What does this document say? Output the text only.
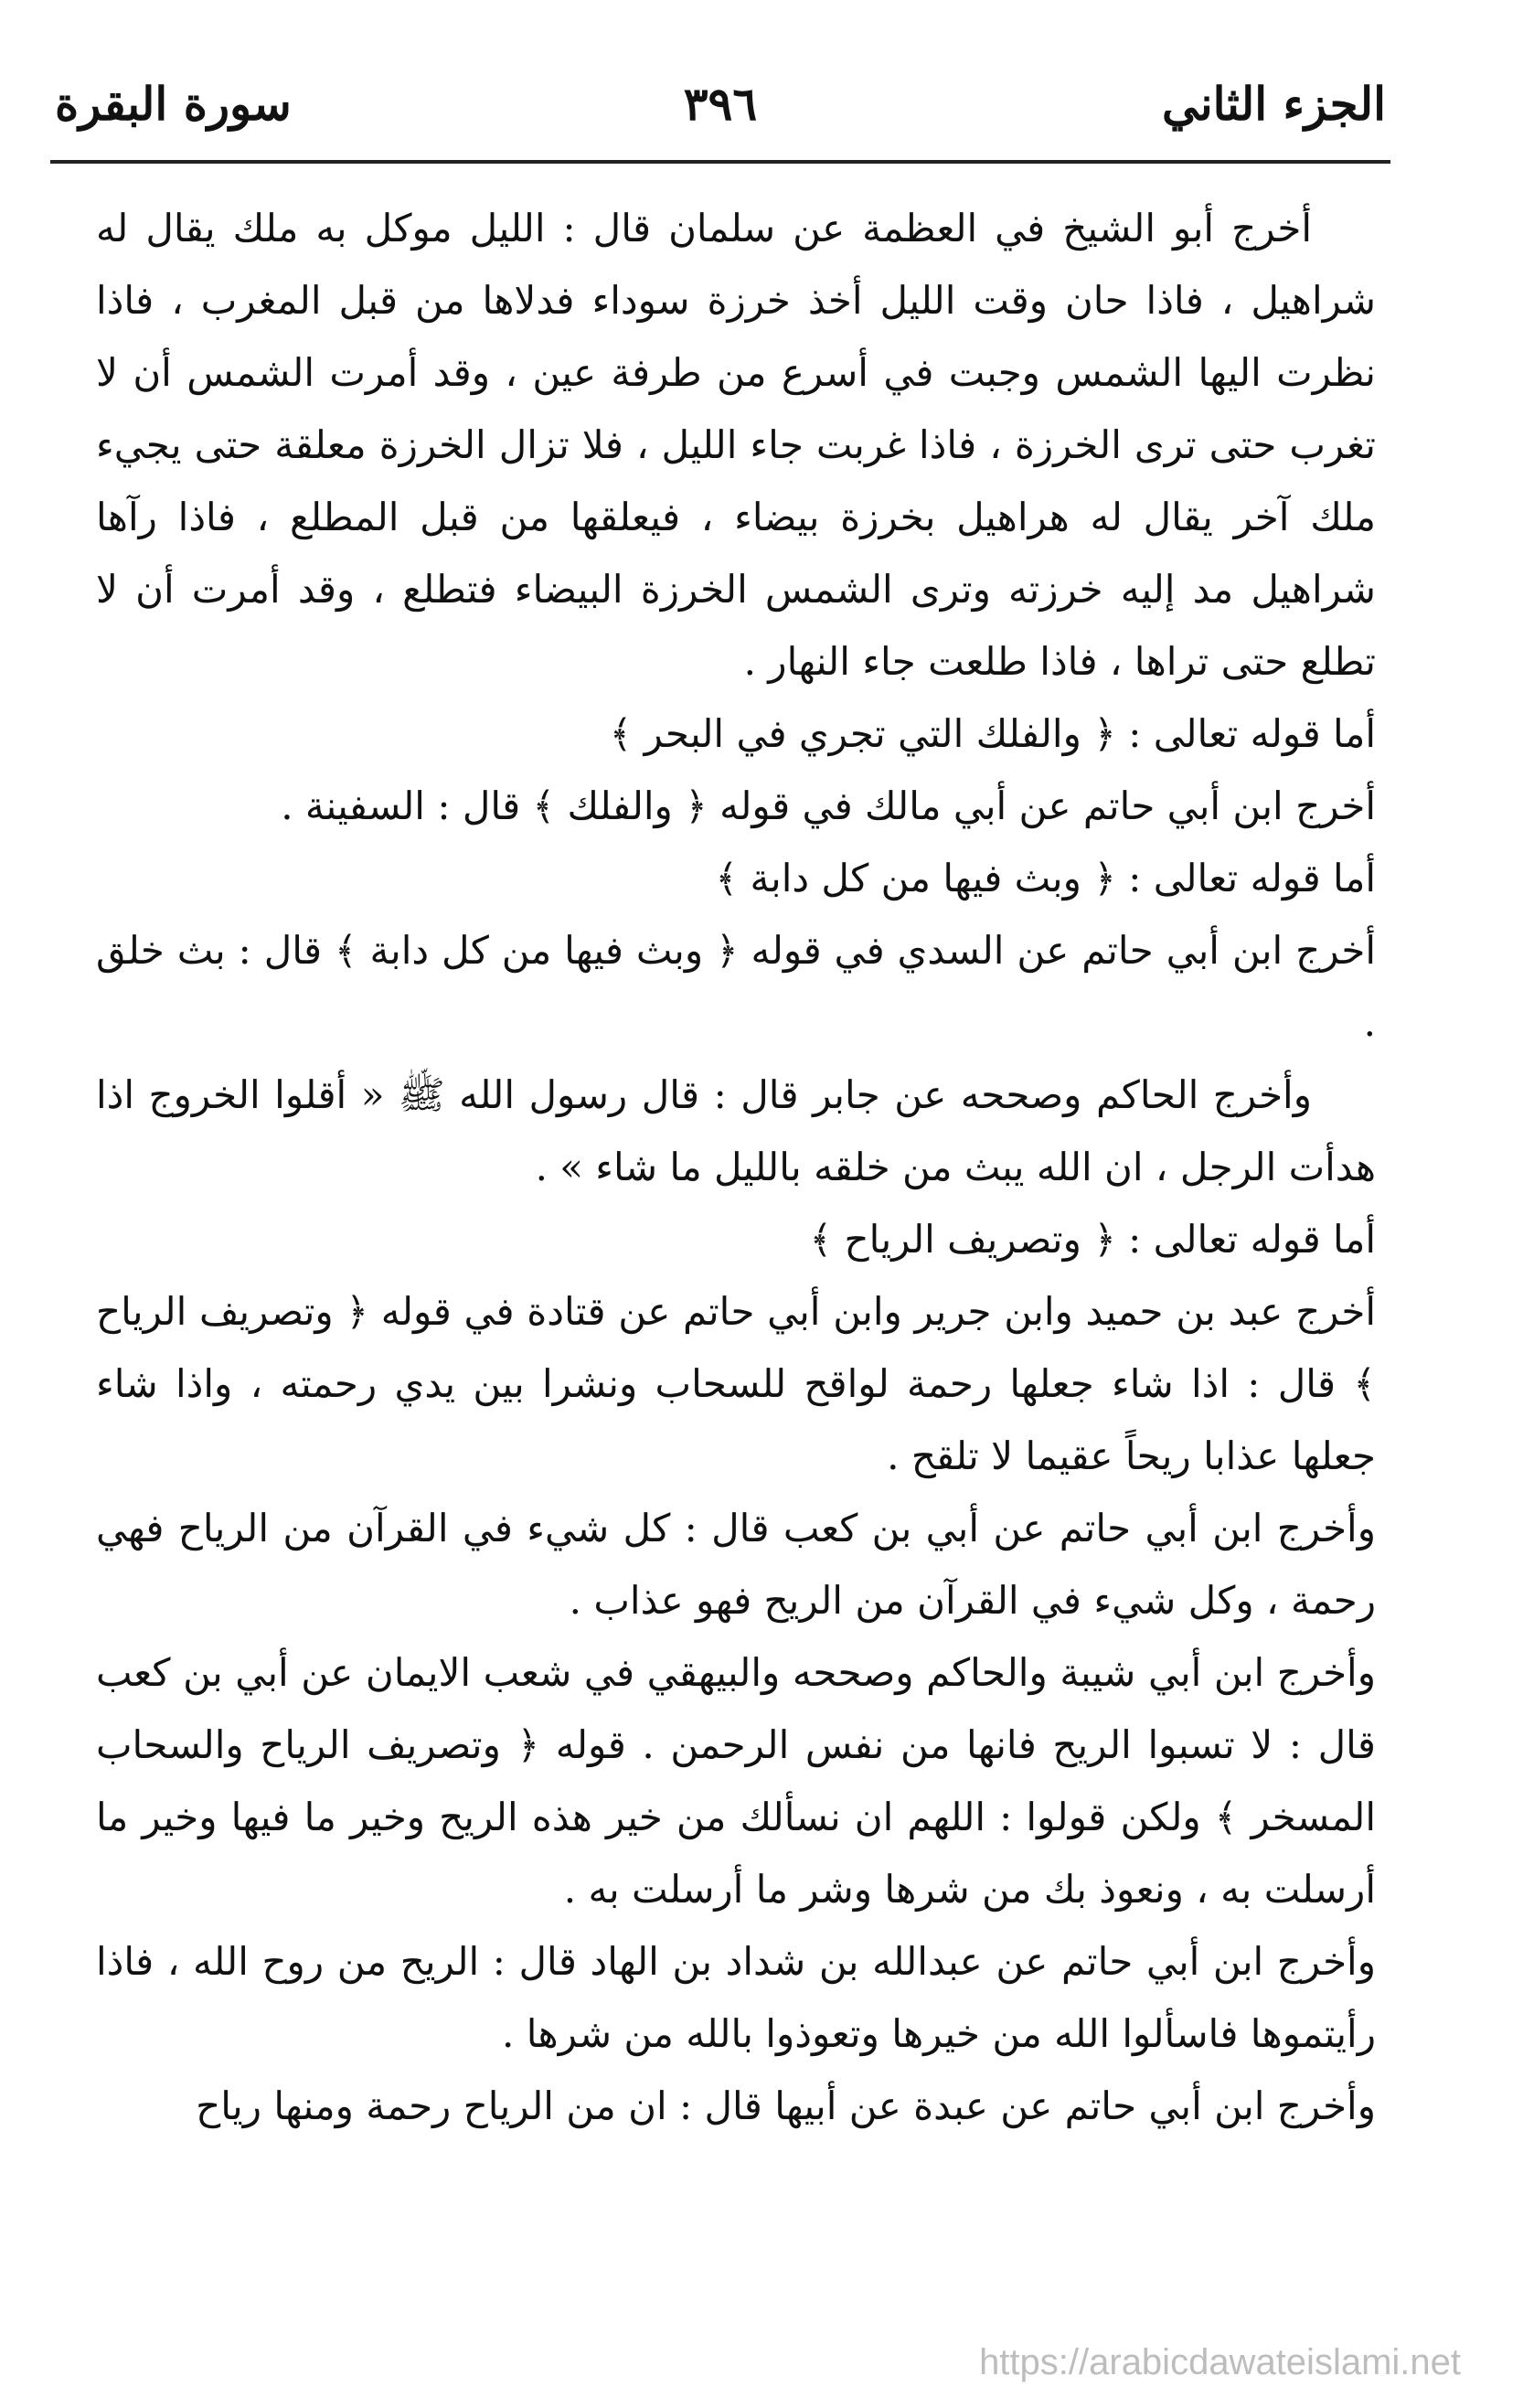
الجزء الثاني
٣٩٦
سورة البقرة

أخرج أبو الشيخ في العظمة عن سلمان قال : الليل موكل به ملك يقال له شراهيل ، فاذا حان وقت الليل أخذ خرزة سوداء فدلاها من قبل المغرب ، فاذا نظرت اليها الشمس وجبت في أسرع من طرفة عين ، وقد أمرت الشمس أن لا تغرب حتى ترى الخرزة ، فاذا غربت جاء الليل ، فلا تزال الخرزة معلقة حتى يجيء ملك آخر يقال له هراهيل بخرزة بيضاء ، فيعلقها من قبل المطلع ، فاذا رآها شراهيل مد إليه خرزته وترى الشمس الخرزة البيضاء فتطلع ، وقد أمرت أن لا تطلع حتى تراها ، فاذا طلعت جاء النهار .

أما قوله تعالى : ﴿ والفلك التي تجري في البحر ﴾

أخرج ابن أبي حاتم عن أبي مالك في قوله ﴿ والفلك ﴾ قال : السفينة .

أما قوله تعالى : ﴿ وبث فيها من كل دابة ﴾

أخرج ابن أبي حاتم عن السدي في قوله ﴿ وبث فيها من كل دابة ﴾ قال : بث خلق .

وأخرج الحاكم وصححه عن جابر قال : قال رسول الله ﷺ « أقلوا الخروج اذا هدأت الرجل ، ان الله يبث من خلقه بالليل ما شاء » .

أما قوله تعالى : ﴿ وتصريف الرياح ﴾

أخرج عبد بن حميد وابن جرير وابن أبي حاتم عن قتادة في قوله ﴿ وتصريف الرياح ﴾ قال : اذا شاء جعلها رحمة لواقح للسحاب ونشرا بين يدي رحمته ، واذا شاء جعلها عذابا ريحاً عقيما لا تلقح .

وأخرج ابن أبي حاتم عن أبي بن كعب قال : كل شيء في القرآن من الرياح فهي رحمة ، وكل شيء في القرآن من الريح فهو عذاب .

وأخرج ابن أبي شيبة والحاكم وصححه والبيهقي في شعب الايمان عن أبي بن كعب قال : لا تسبوا الريح فانها من نفس الرحمن . قوله ﴿ وتصريف الرياح والسحاب المسخر ﴾ ولكن قولوا : اللهم ان نسألك من خير هذه الريح وخير ما فيها وخير ما أرسلت به ، ونعوذ بك من شرها وشر ما أرسلت به .

وأخرج ابن أبي حاتم عن عبدالله بن شداد بن الهاد قال : الريح من روح الله ، فاذا رأيتموها فاسألوا الله من خيرها وتعوذوا بالله من شرها .

وأخرج ابن أبي حاتم عن عبدة عن أبيها قال : ان من الرياح رحمة ومنها رياح

https://arabicdawateislami.net
